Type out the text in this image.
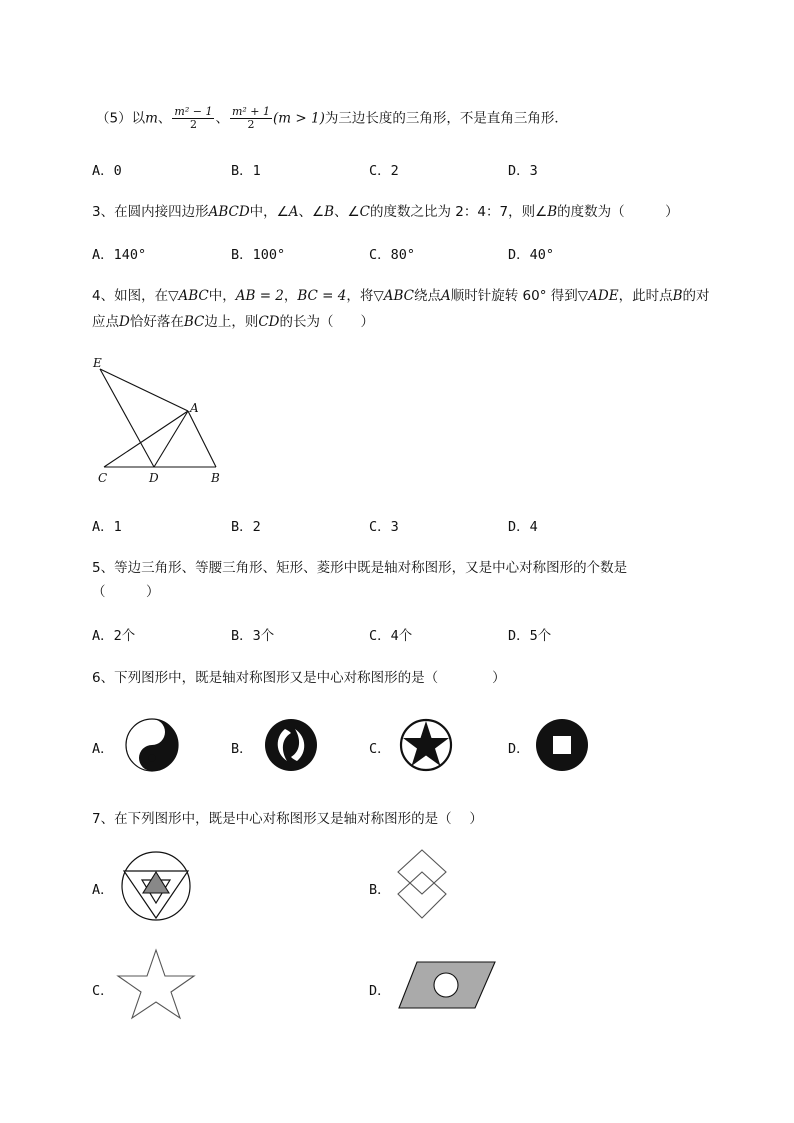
（5）以m、 $\frac{\text{m² − 1}}{2}$ 、 $\frac{\text{m² + 1}}{2} (m > 1)$为三边长度的三角形，不是直角三角形．
A．0	B．1	C．2	D．3
3、在圆内接四边形ABCD中，∠A、∠B、∠C的度数之比为 2：4：7，则∠B的度数为（　　　）
A．140°	B．100°	C．80°	D．40°
4、如图，在▽ABC中，AB = 2，BC = 4，将▽ABC绕点A顺时针旋转 60° 得到▽ADE，此时点B的对
应点D恰好落在BC边上，则CD的长为（　　）
E
A
C	D	B
A．1	B．2	C．3	D．4
5、等边三角形、等腰三角形、矩形、菱形中既是轴对称图形，又是中心对称图形的个数是
（　　　）
A．2个	B．3个	C．4个	D．5个
6、下列图形中，既是轴对称图形又是中心对称图形的是（　　　　）
A．	B．	C．	D．
7、在下列图形中，既是中心对称图形又是轴对称图形的是（　 ）
A．	B．
C．	D．
